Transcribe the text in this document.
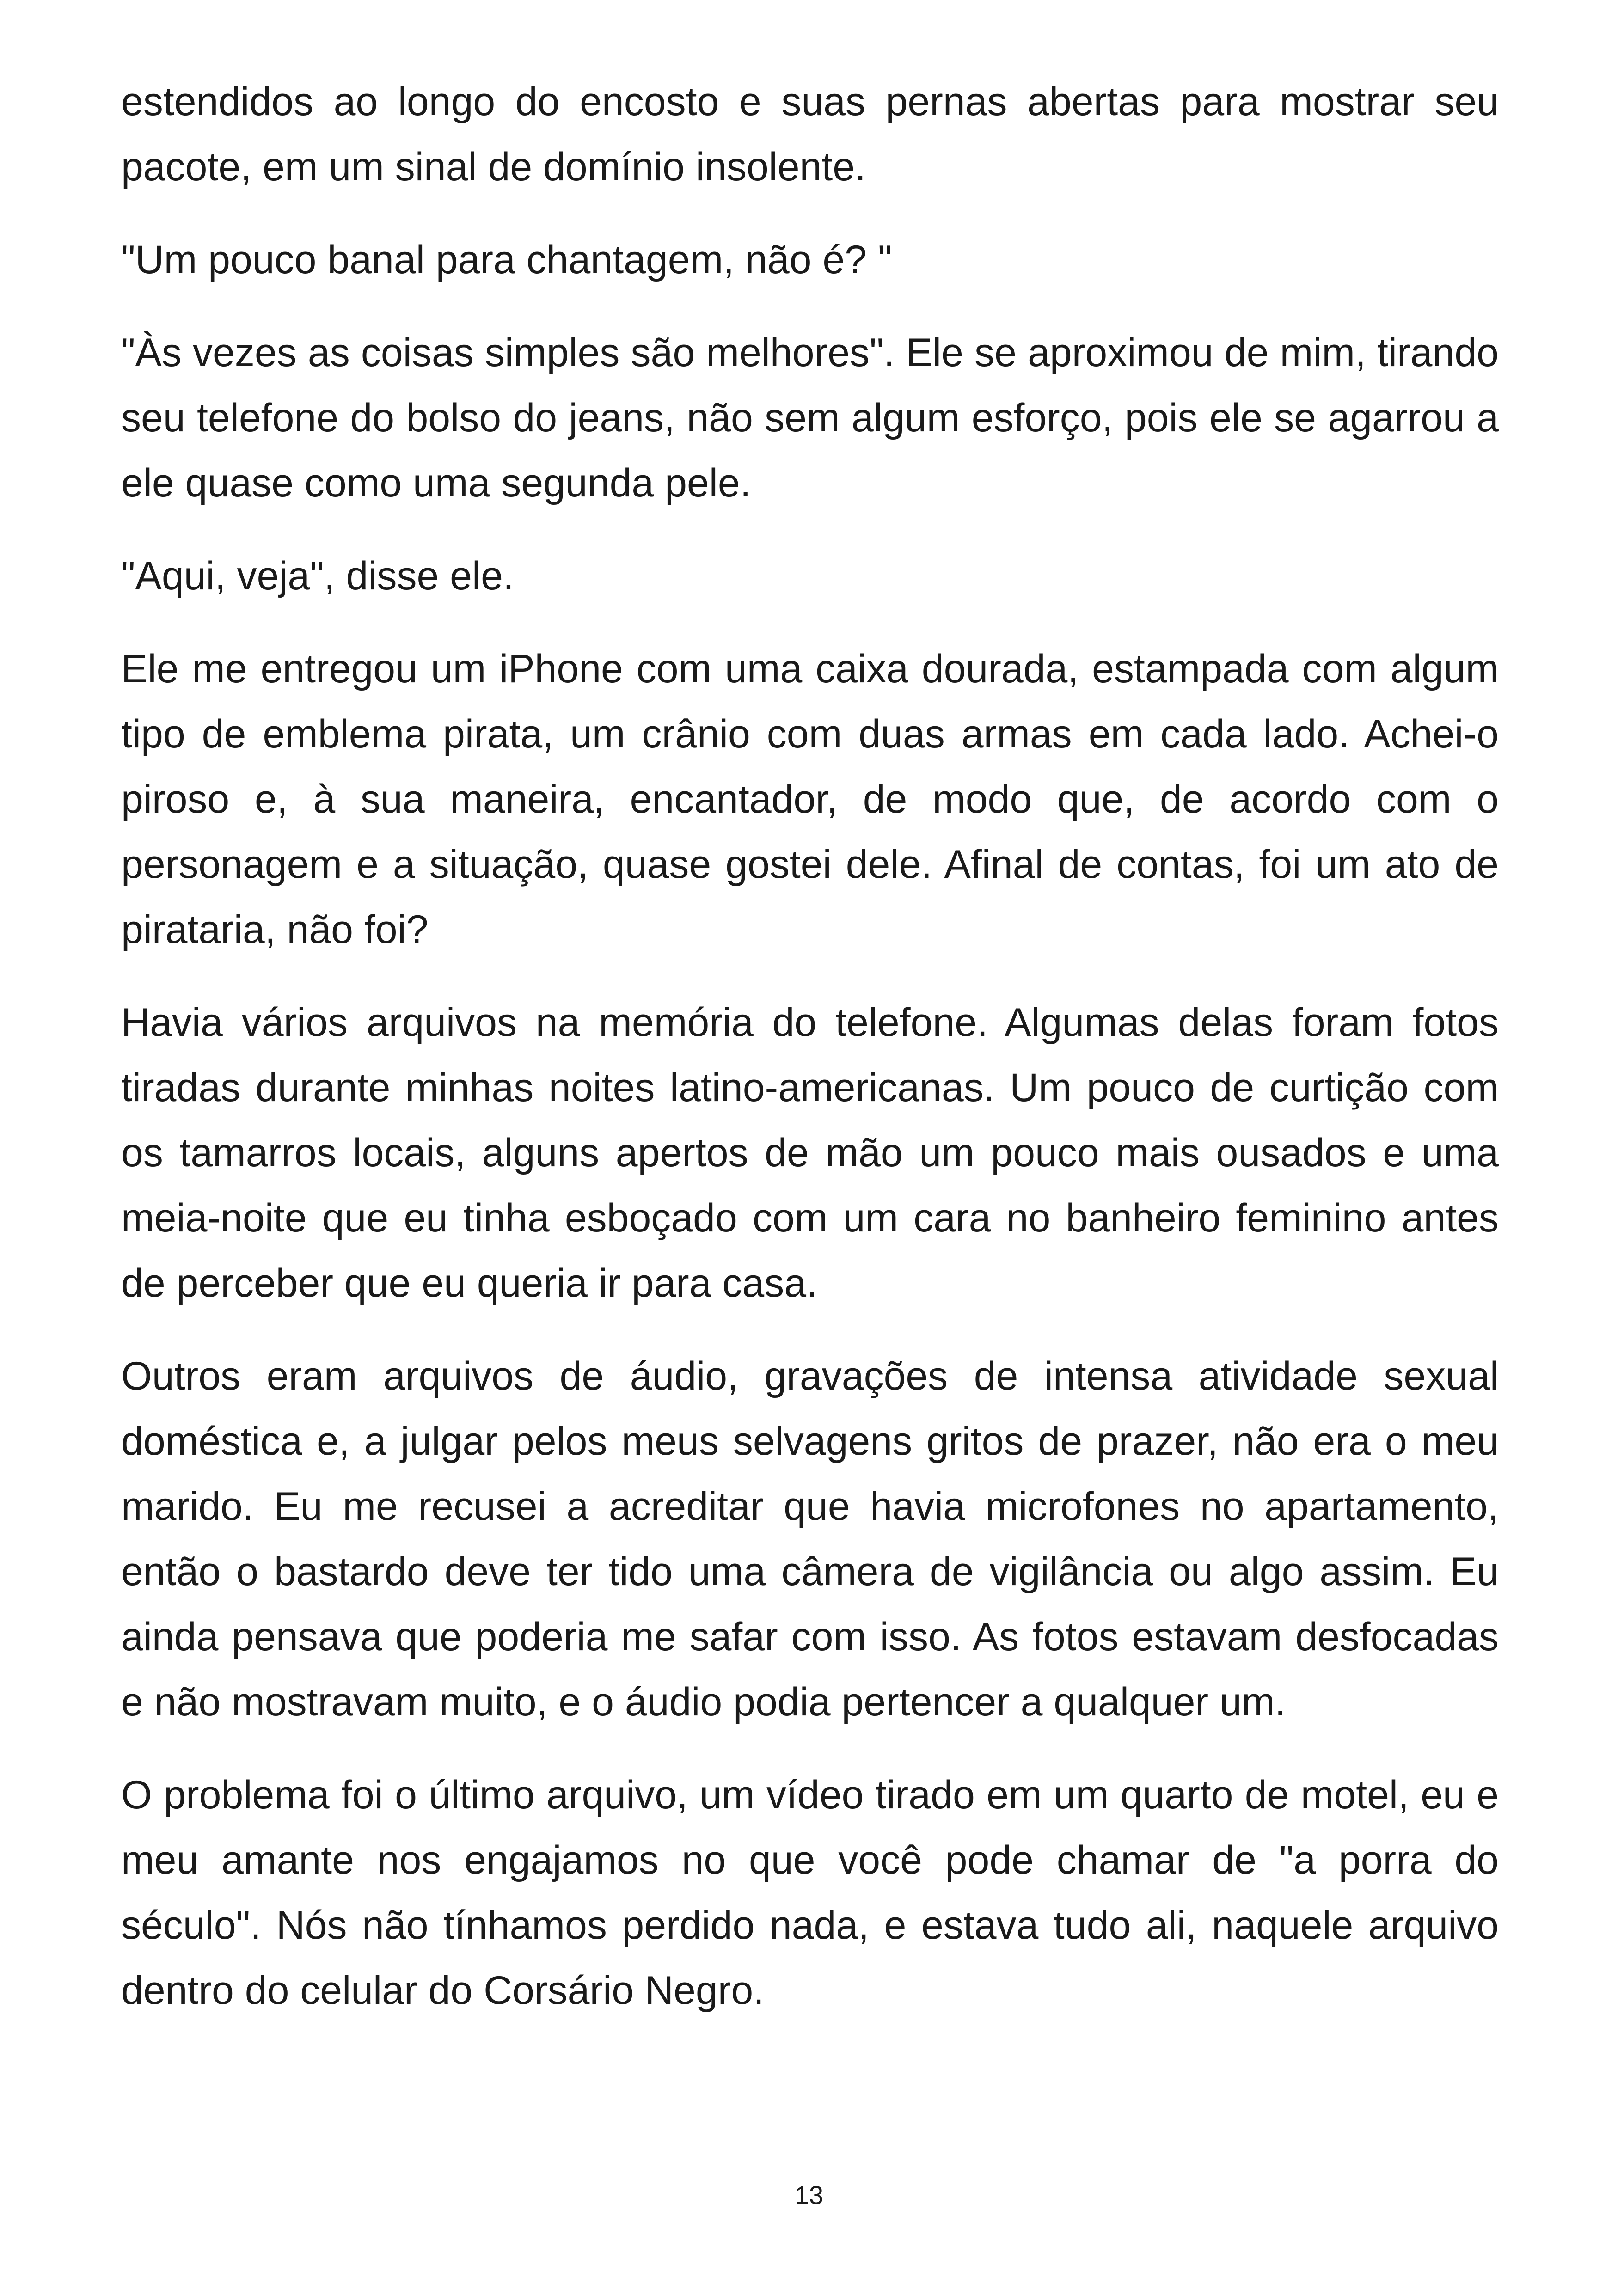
estendidos ao longo do encosto e suas pernas abertas para mostrar seu pacote, em um sinal de domínio insolente.

"Um pouco banal para chantagem, não é? "

"Às vezes as coisas simples são melhores". Ele se aproximou de mim, tirando seu telefone do bolso do jeans, não sem algum esforço, pois ele se agarrou a ele quase como uma segunda pele.

"Aqui, veja", disse ele.

Ele me entregou um iPhone com uma caixa dourada, estampada com algum tipo de emblema pirata, um crânio com duas armas em cada lado. Achei-o piroso e, à sua maneira, encantador, de modo que, de acordo com o personagem e a situação, quase gostei dele. Afinal de contas, foi um ato de pirataria, não foi?

Havia vários arquivos na memória do telefone. Algumas delas foram fotos tiradas durante minhas noites latino-americanas. Um pouco de curtição com os tamarros locais, alguns apertos de mão um pouco mais ousados e uma meia-noite que eu tinha esboçado com um cara no banheiro feminino antes de perceber que eu queria ir para casa.

Outros eram arquivos de áudio, gravações de intensa atividade sexual doméstica e, a julgar pelos meus selvagens gritos de prazer, não era o meu marido. Eu me recusei a acreditar que havia microfones no apartamento, então o bastardo deve ter tido uma câmera de vigilância ou algo assim. Eu ainda pensava que poderia me safar com isso. As fotos estavam desfocadas e não mostravam muito, e o áudio podia pertencer a qualquer um.

O problema foi o último arquivo, um vídeo tirado em um quarto de motel, eu e meu amante nos engajamos no que você pode chamar de "a porra do século". Nós não tínhamos perdido nada, e estava tudo ali, naquele arquivo dentro do celular do Corsário Negro.

13
